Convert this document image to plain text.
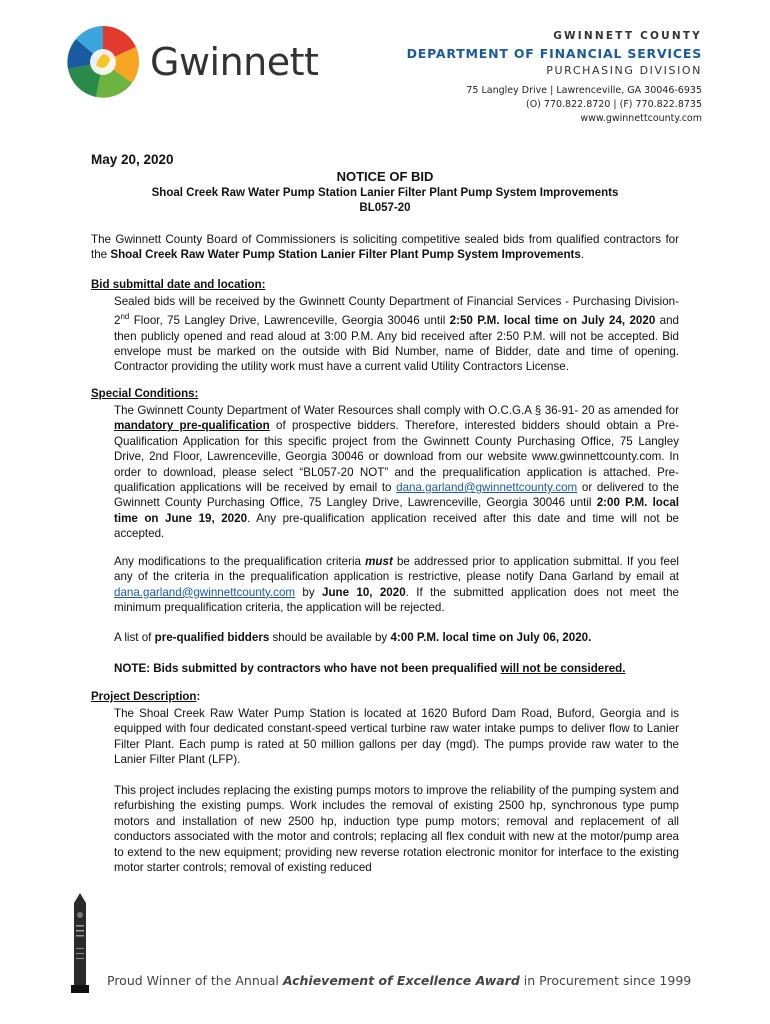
Gwinnett
GWINNETT COUNTY
DEPARTMENT OF FINANCIAL SERVICES
PURCHASING DIVISION
75 Langley Drive | Lawrenceville, GA 30046-6935
(O) 770.822.8720 | (F) 770.822.8735
www.gwinnettcounty.com
May 20, 2020
NOTICE OF BID
Shoal Creek Raw Water Pump Station Lanier Filter Plant Pump System Improvements
BL057-20
The Gwinnett County Board of Commissioners is soliciting competitive sealed bids from qualified contractors for the Shoal Creek Raw Water Pump Station Lanier Filter Plant Pump System Improvements.
Bid submittal date and location:
Sealed bids will be received by the Gwinnett County Department of Financial Services - Purchasing Division-2nd Floor, 75 Langley Drive, Lawrenceville, Georgia 30046 until 2:50 P.M. local time on July 24, 2020 and then publicly opened and read aloud at 3:00 P.M. Any bid received after 2:50 P.M. will not be accepted. Bid envelope must be marked on the outside with Bid Number, name of Bidder, date and time of opening. Contractor providing the utility work must have a current valid Utility Contractors License.
Special Conditions:
The Gwinnett County Department of Water Resources shall comply with O.C.G.A § 36-91- 20 as amended for mandatory pre-qualification of prospective bidders. Therefore, interested bidders should obtain a Pre-Qualification Application for this specific project from the Gwinnett County Purchasing Office, 75 Langley Drive, 2nd Floor, Lawrenceville, Georgia 30046 or download from our website www.gwinnettcounty.com. In order to download, please select “BL057-20 NOT” and the prequalification application is attached. Pre-qualification applications will be received by email to dana.garland@gwinnettcounty.com or delivered to the Gwinnett County Purchasing Office, 75 Langley Drive, Lawrenceville, Georgia 30046 until 2:00 P.M. local time on June 19, 2020. Any pre-qualification application received after this date and time will not be accepted.
Any modifications to the prequalification criteria must be addressed prior to application submittal. If you feel any of the criteria in the prequalification application is restrictive, please notify Dana Garland by email at dana.garland@gwinnettcounty.com by June 10, 2020. If the submitted application does not meet the minimum prequalification criteria, the application will be rejected.
A list of pre-qualified bidders should be available by 4:00 P.M. local time on July 06, 2020.
NOTE: Bids submitted by contractors who have not been prequalified will not be considered.
Project Description:
The Shoal Creek Raw Water Pump Station is located at 1620 Buford Dam Road, Buford, Georgia and is equipped with four dedicated constant-speed vertical turbine raw water intake pumps to deliver flow to Lanier Filter Plant. Each pump is rated at 50 million gallons per day (mgd). The pumps provide raw water to the Lanier Filter Plant (LFP).
This project includes replacing the existing pumps motors to improve the reliability of the pumping system and refurbishing the existing pumps. Work includes the removal of existing 2500 hp, synchronous type pump motors and installation of new 2500 hp, induction type pump motors; removal and replacement of all conductors associated with the motor and controls; replacing all flex conduit with new at the motor/pump area to extend to the new equipment; providing new reverse rotation electronic monitor for interface to the existing motor starter controls; removal of existing reduced
Proud Winner of the Annual Achievement of Excellence Award in Procurement since 1999
